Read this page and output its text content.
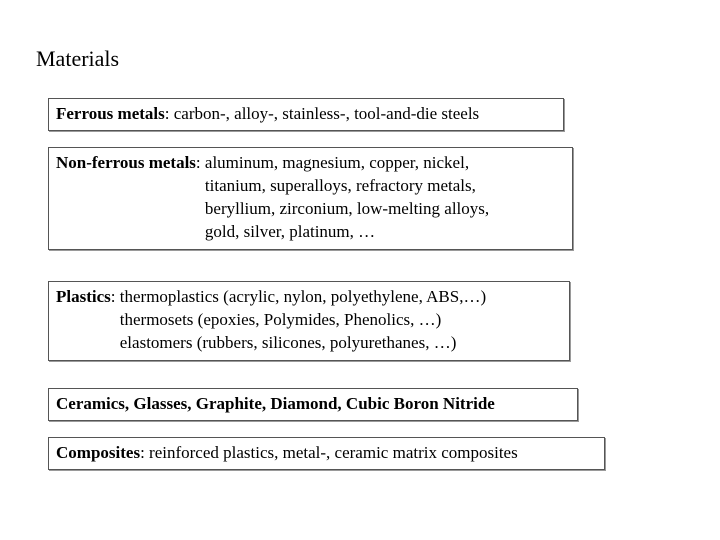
Materials
Ferrous metals : carbon-, alloy-, stainless-, tool-and-die steels
Non-ferrous metals : aluminum, magnesium, copper, nickel,
titanium, superalloys, refractory metals,
beryllium, zirconium, low-melting alloys,
gold, silver, platinum, …
Plastics : thermoplastics (acrylic, nylon, polyethylene, ABS,…)
thermosets (epoxies, Polymides, Phenolics, …)
elastomers (rubbers, silicones, polyurethanes, …)
Ceramics, Glasses, Graphite, Diamond, Cubic Boron Nitride
Composites : reinforced plastics, metal-, ceramic matrix composites
